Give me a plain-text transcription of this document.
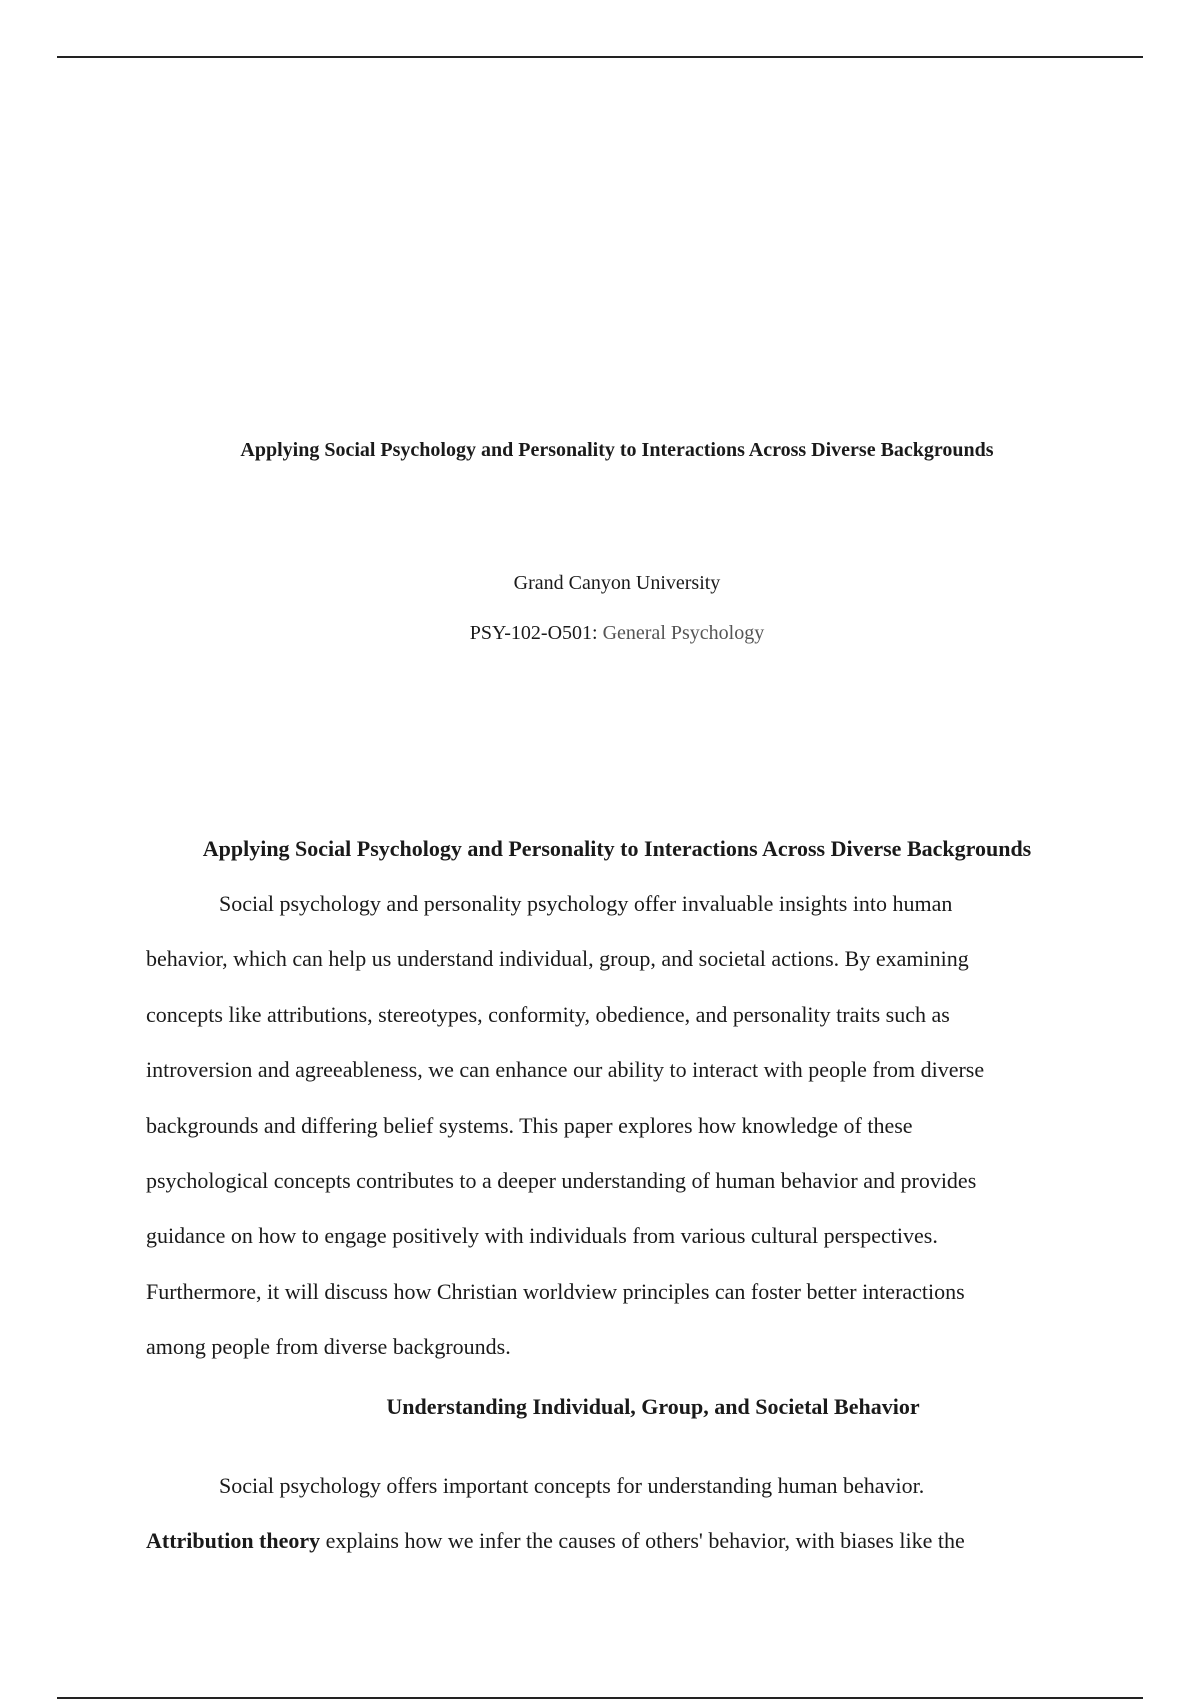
Applying Social Psychology and Personality to Interactions Across Diverse Backgrounds
Grand Canyon University
PSY-102-O501: General Psychology
Applying Social Psychology and Personality to Interactions Across Diverse Backgrounds
Social psychology and personality psychology offer invaluable insights into human
behavior, which can help us understand individual, group, and societal actions. By examining
concepts like attributions, stereotypes, conformity, obedience, and personality traits such as
introversion and agreeableness, we can enhance our ability to interact with people from diverse
backgrounds and differing belief systems. This paper explores how knowledge of these
psychological concepts contributes to a deeper understanding of human behavior and provides
guidance on how to engage positively with individuals from various cultural perspectives.
Furthermore, it will discuss how Christian worldview principles can foster better interactions
among people from diverse backgrounds.
Understanding Individual, Group, and Societal Behavior
Social psychology offers important concepts for understanding human behavior.
Attribution theory explains how we infer the causes of others' behavior, with biases like the
